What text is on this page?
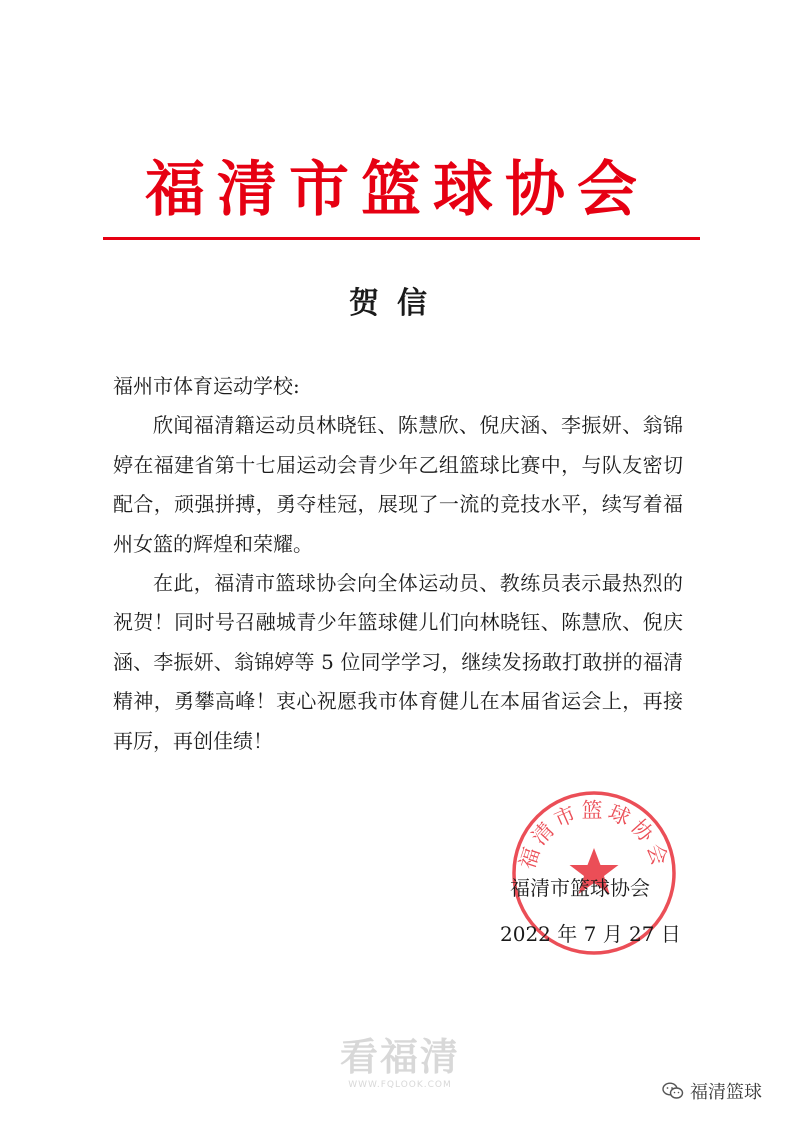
福清市篮球协会
贺信

福州市体育运动学校:

欣闻福清籍运动员林晓钰、陈慧欣、倪庆涵、李振妍、翁锦婷在福建省第十七届运动会青少年乙组篮球比赛中，与队友密切配合，顽强拼搏，勇夺桂冠，展现了一流的竞技水平，续写着福州女篮的辉煌和荣耀。

在此，福清市篮球协会向全体运动员、教练员表示最热烈的祝贺！同时号召融城青少年篮球健儿们向林晓钰、陈慧欣、倪庆涵、李振妍、翁锦婷等 5 位同学学习，继续发扬敢打敢拼的福清精神，勇攀高峰！衷心祝愿我市体育健儿在本届省运会上，再接再厉，再创佳绩！

福清市篮球协会
福清市篮球协会
2022 年 7 月 27 日
看福清
WWW.FQLOOK.COM	福清篮球
